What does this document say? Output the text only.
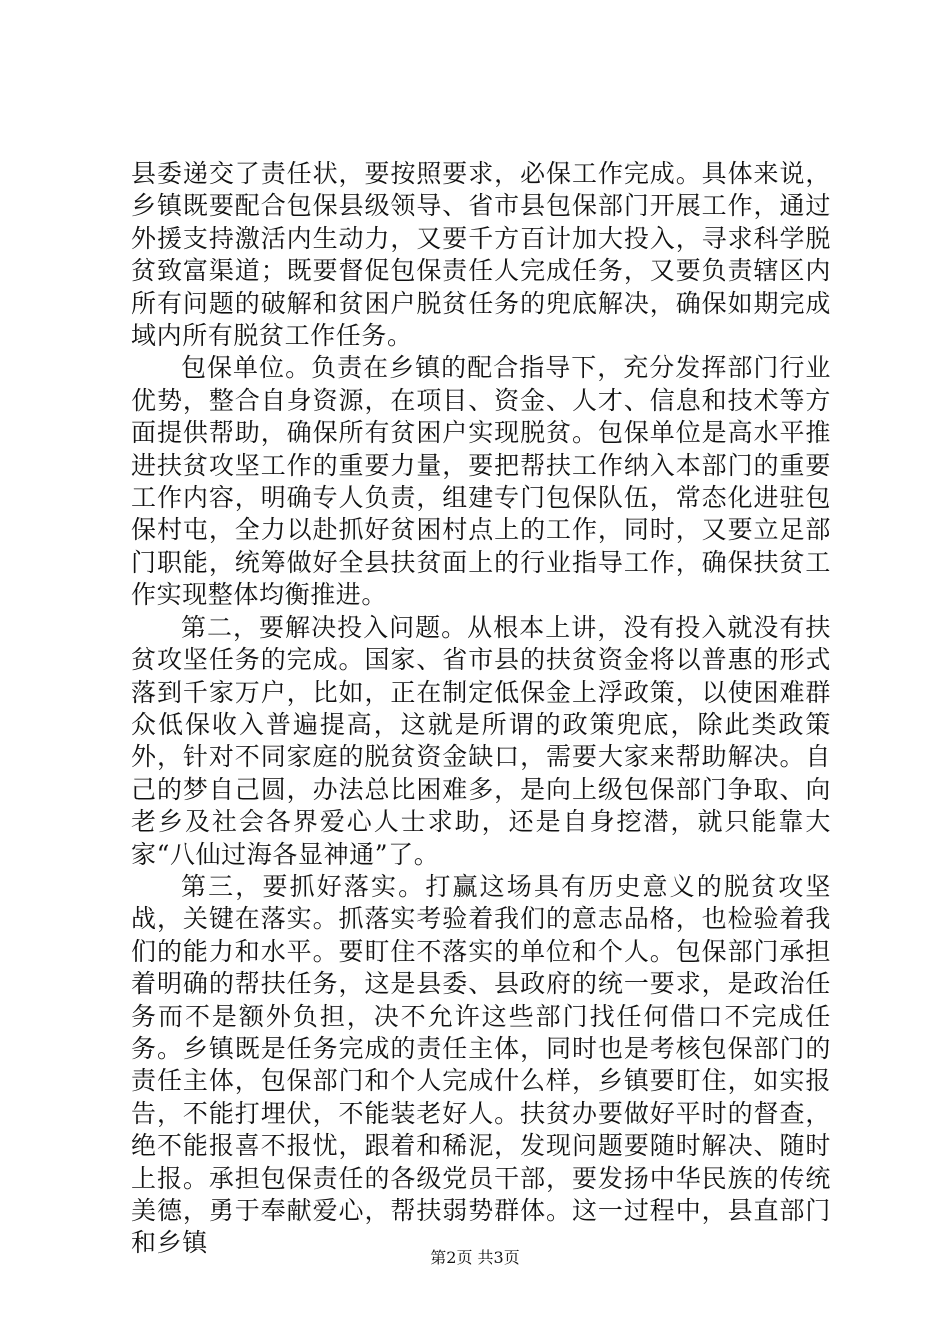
县委递交了责任状，要按照要求，必保工作完成。具体来说，乡镇既要配合包保县级领导、省市县包保部门开展工作，通过外援支持激活内生动力，又要千方百计加大投入，寻求科学脱贫致富渠道；既要督促包保责任人完成任务，又要负责辖区内所有问题的破解和贫困户脱贫任务的兜底解决，确保如期完成域内所有脱贫工作任务。

包保单位。负责在乡镇的配合指导下，充分发挥部门行业优势，整合自身资源，在项目、资金、人才、信息和技术等方面提供帮助，确保所有贫困户实现脱贫。包保单位是高水平推进扶贫攻坚工作的重要力量，要把帮扶工作纳入本部门的重要工作内容，明确专人负责，组建专门包保队伍，常态化进驻包保村屯，全力以赴抓好贫困村点上的工作，同时，又要立足部门职能，统筹做好全县扶贫面上的行业指导工作，确保扶贫工作实现整体均衡推进。

第二，要解决投入问题。从根本上讲，没有投入就没有扶贫攻坚任务的完成。国家、省市县的扶贫资金将以普惠的形式落到千家万户，比如，正在制定低保金上浮政策，以使困难群众低保收入普遍提高，这就是所谓的政策兜底，除此类政策外，针对不同家庭的脱贫资金缺口，需要大家来帮助解决。自己的梦自己圆，办法总比困难多，是向上级包保部门争取、向老乡及社会各界爱心人士求助，还是自身挖潜，就只能靠大家“八仙过海各显神通”了。

第三，要抓好落实。打赢这场具有历史意义的脱贫攻坚战，关键在落实。抓落实考验着我们的意志品格，也检验着我们的能力和水平。要盯住不落实的单位和个人。包保部门承担着明确的帮扶任务，这是县委、县政府的统一要求，是政治任务而不是额外负担，决不允许这些部门找任何借口不完成任务。乡镇既是任务完成的责任主体，同时也是考核包保部门的责任主体，包保部门和个人完成什么样，乡镇要盯住，如实报告，不能打埋伏，不能装老好人。扶贫办要做好平时的督查，绝不能报喜不报忧，跟着和稀泥，发现问题要随时解决、随时上报。承担包保责任的各级党员干部，要发扬中华民族的传统美德，勇于奉献爱心，帮扶弱势群体。这一过程中，县直部门和乡镇

第2页 共3页
